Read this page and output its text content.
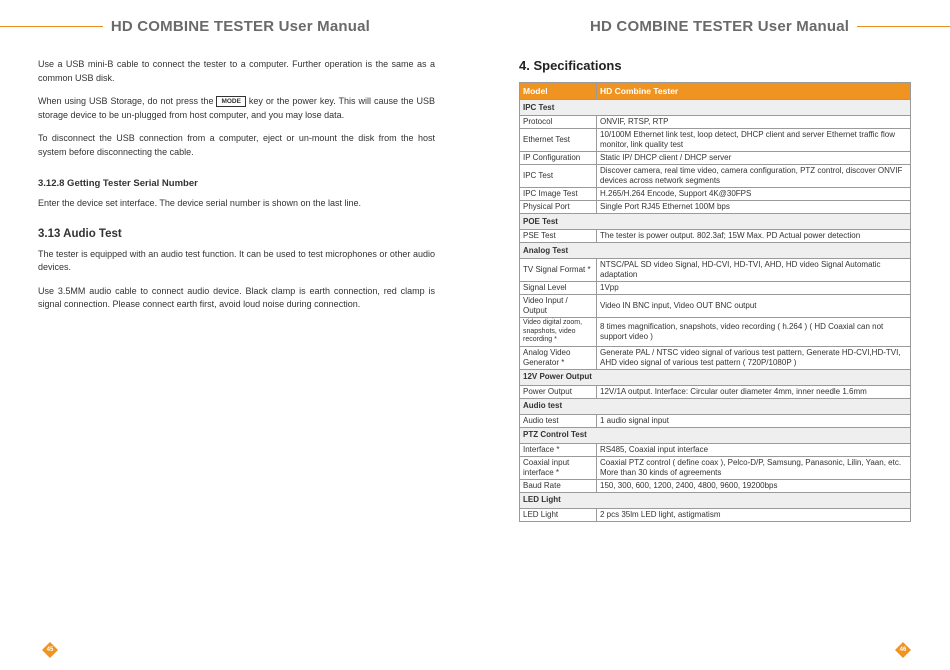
HD COMBINE TESTER User Manual

Use a USB mini-B cable to connect the tester to a computer. Further operation is the same as a common USB disk.

When using USB Storage, do not press the MODE key or the power key. This will cause the USB storage device to be un-plugged from host computer, and you may lose data.

To disconnect the USB connection from a computer, eject or un-mount the disk from the host system before disconnecting the cable.

3.12.8 Getting Tester Serial Number

Enter the device set interface. The device serial number is shown on the last line.

3.13 Audio Test

The tester is equipped with an audio test function. It can be used to test microphones or other audio devices.

Use 3.5MM audio cable to connect audio device. Black clamp is earth connection, red clamp is signal connection. Please connect earth first, avoid loud noise during connection.

45
HD COMBINE TESTER User Manual
4. Specifications
Model	HD Combine Tester
IPC Test	
Protocol	ONVIF, RTSP, RTP
Ethernet Test	10/100M Ethernet link test, loop detect, DHCP client and server Ethernet traffic flow monitor, link quality test
IP Configuration	Static IP/ DHCP client / DHCP server
IPC Test	Discover camera, real time video, camera configuration, PTZ control, discover ONVIF devices across network segments
IPC Image Test	H.265/H.264 Encode, Support 4K@30FPS
Physical Port	Single Port RJ45 Ethernet 100M bps
POE Test	
PSE Test	The tester is power output. 802.3af; 15W Max. PD Actual power detection
Analog Test	
TV Signal Format *	NTSC/PAL SD video Signal, HD-CVI, HD-TVI, AHD, HD video Signal Automatic adaptation
Signal Level	1Vpp
Video Input / Output	Video IN BNC input, Video OUT BNC output
Video digital zoom, snapshots, video recording *	8 times magnification, snapshots, video recording ( h.264 ) ( HD Coaxial can not support video )
Analog Video Generator *	Generate PAL / NTSC video signal of various test pattern, Generate HD-CVI,HD-TVI, AHD video signal of various test pattern ( 720P/1080P )
12V Power Output	
Power Output	12V/1A output. Interface: Circular outer diameter 4mm, inner needle 1.6mm
Audio test	
Audio test	1 audio signal input
PTZ Control Test	
Interface *	RS485, Coaxial input interface
Coaxial input interface *	Coaxial PTZ control ( define coax ), Pelco-D/P, Samsung, Panasonic, Lilin, Yaan, etc. More than 30 kinds of agreements
Baud Rate	150, 300, 600, 1200, 2400, 4800, 9600, 19200bps
LED Light	
LED Light	2 pcs 35lm LED light, astigmatism
46
